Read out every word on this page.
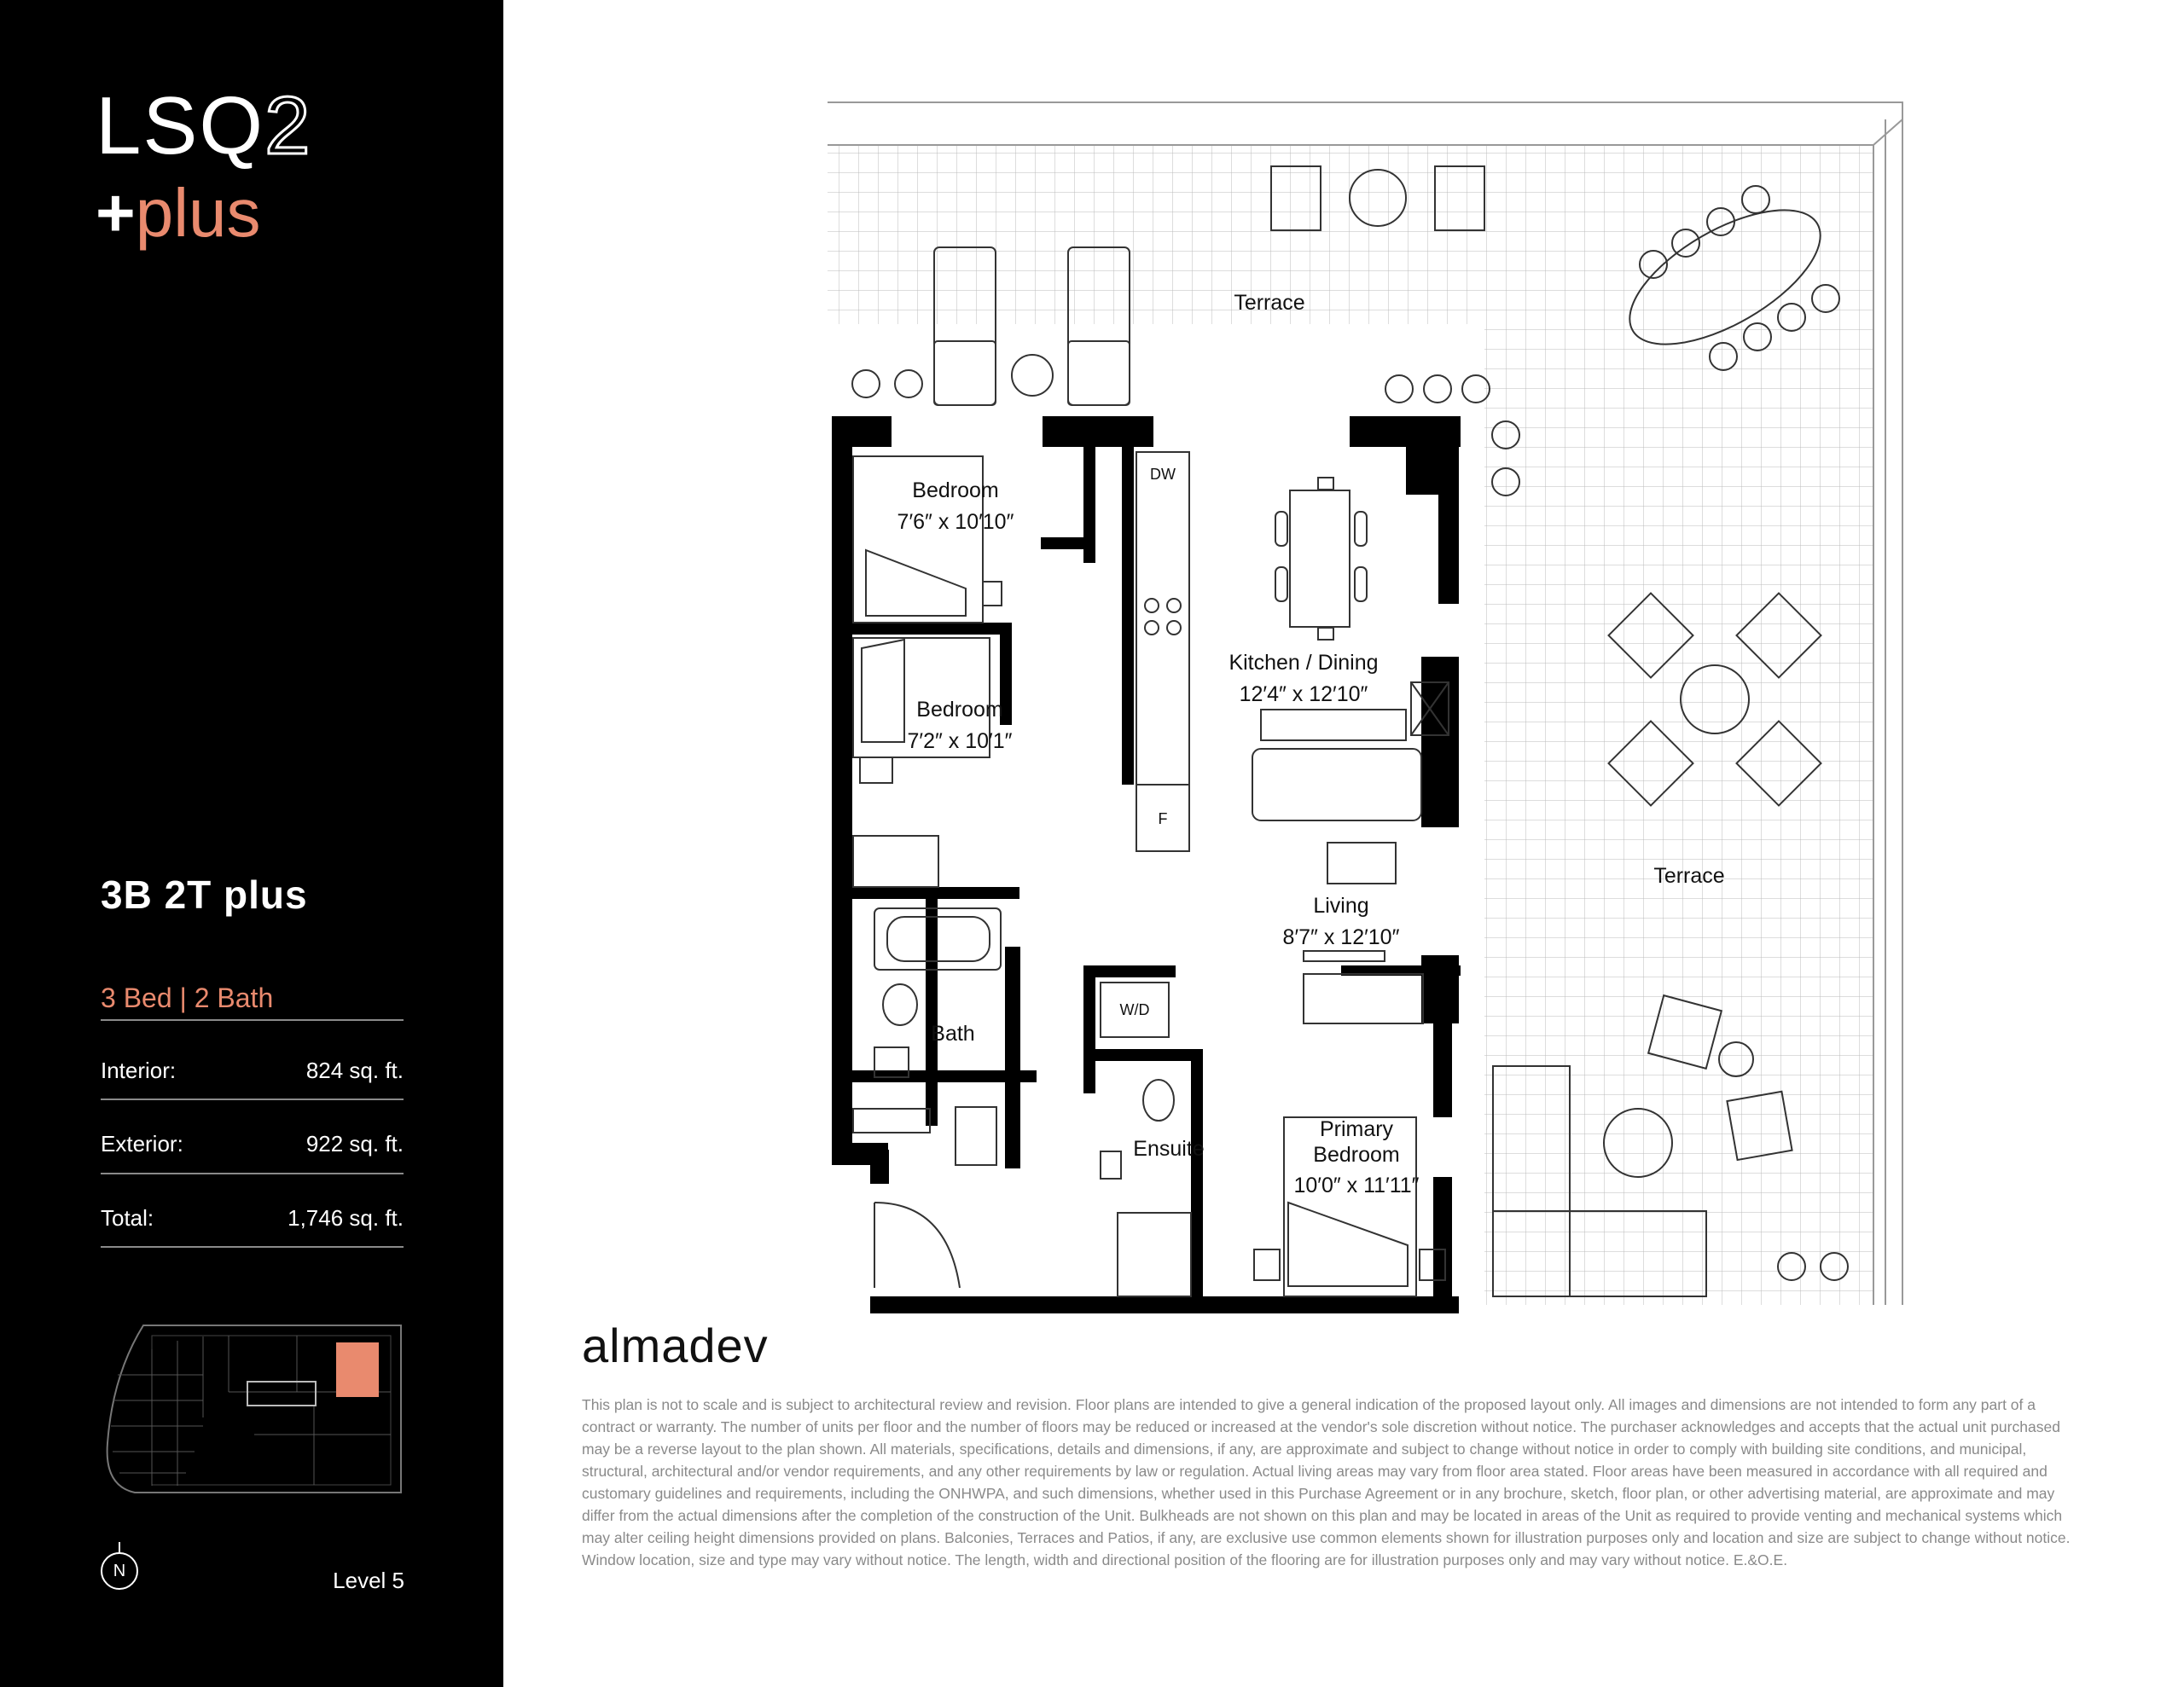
LSQ2
+plus
3B 2T plus
3 Bed | 2 Bath
Interior:	824 sq. ft.
Exterior:	922 sq. ft.
Total:	1,746 sq. ft.
N	Level 5
Terrace
Terrace
Bedroom
7′6″ x 10′10″
Bedroom
7′2″ x 10′1″
Kitchen / Dining
12′4″ x 12′10″
Living
8′7″ x 12′10″
Bath
Ensuite
Primary
Bedroom
10′0″ x 11′11″
DW
F
W/D
almadev
This plan is not to scale and is subject to architectural review and revision. Floor plans are intended to give a general indication of the proposed layout only. All images and dimensions are not intended to form any part of a contract or warranty. The number of units per floor and the number of floors may be reduced or increased at the vendor's sole discretion without notice. The purchaser acknowledges and accepts that the actual unit purchased may be a reverse layout to the plan shown. All materials, specifications, details and dimensions, if any, are approximate and subject to change without notice in order to comply with building site conditions, and municipal, structural, architectural and/or vendor requirements, and any other requirements by law or regulation. Actual living areas may vary from floor area stated. Floor areas have been measured in accordance with all required and customary guidelines and requirements, including the ONHWPA, and such dimensions, whether used in this Purchase Agreement or in any brochure, sketch, floor plan, or other advertising material, are approximate and may differ from the actual dimensions after the completion of the construction of the Unit. Bulkheads are not shown on this plan and may be located in areas of the Unit as required to provide venting and mechanical systems which may alter ceiling height dimensions provided on plans. Balconies, Terraces and Patios, if any, are exclusive use common elements shown for illustration purposes only and location and size are subject to change without notice. Window location, size and type may vary without notice. The length, width and directional position of the flooring are for illustration purposes only and may vary without notice. E.&O.E.
